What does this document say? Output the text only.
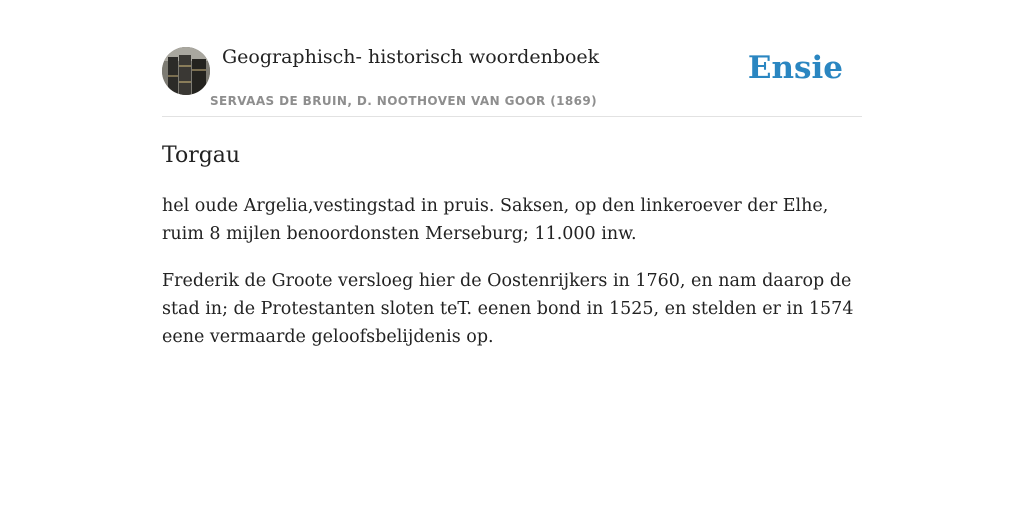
Geographisch- historisch woordenboek
SERVAAS DE BRUIN, D. NOOTHOVEN VAN GOOR (1869)
Ensie
Torgau

hel oude Argelia,vestingstad in pruis. Saksen, op den linkeroever der Elhe, ruim 8 mijlen benoordonsten Merseburg; 11.000 inw.

Frederik de Groote versloeg hier de Oostenrijkers in 1760, en nam daarop de stad in; de Protestanten sloten teT. eenen bond in 1525, en stelden er in 1574 eene vermaarde geloofsbelijdenis op.
